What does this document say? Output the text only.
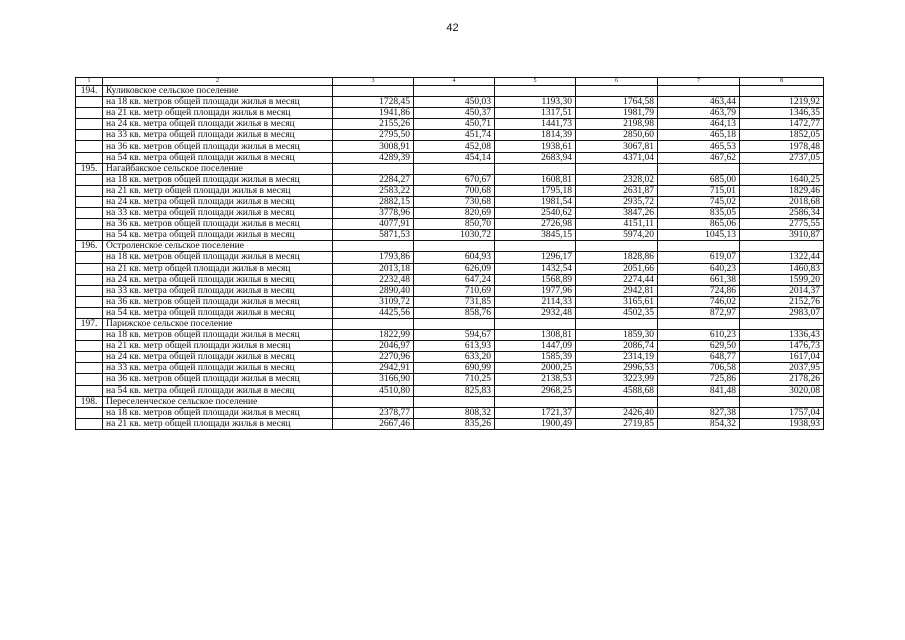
42
1	2	3	4	5	6	7	8
194.	Куликовское сельское поселение						
	на 18 кв. метров общей площади жилья в месяц	1728,45	450,03	1193,30	1764,58	463,44	1219,92
	на 21 кв. метр общей площади жилья в месяц	1941,86	450,37	1317,51	1981,79	463,79	1346,35
	на 24 кв. метра общей площади жилья в месяц	2155,26	450,71	1441,73	2198,98	464,13	1472,77
	на 33 кв. метра общей площади жилья в месяц	2795,50	451,74	1814,39	2850,60	465,18	1852,05
	на 36 кв. метров общей площади жилья в месяц	3008,91	452,08	1938,61	3067,81	465,53	1978,48
	на 54 кв. метра общей площади жилья в месяц	4289,39	454,14	2683,94	4371,04	467,62	2737,05
195.	Нагайбакское сельское поселение						
	на 18 кв. метров общей площади жилья в месяц	2284,27	670,67	1608,81	2328,02	685,00	1640,25
	на 21 кв. метр общей площади жилья в месяц	2583,22	700,68	1795,18	2631,87	715,01	1829,46
	на 24 кв. метра общей площади жилья в месяц	2882,15	730,68	1981,54	2935,72	745,02	2018,68
	на 33 кв. метра общей площади жилья в месяц	3778,96	820,69	2540,62	3847,26	835,05	2586,34
	на 36 кв. метров общей площади жилья в месяц	4077,91	850,70	2726,98	4151,11	865,06	2775,55
	на 54 кв. метра общей площади жилья в месяц	5871,53	1030,72	3845,15	5974,20	1045,13	3910,87
196.	Остроленское сельское поселение						
	на 18 кв. метров общей площади жилья в месяц	1793,86	604,93	1296,17	1828,86	619,07	1322,44
	на 21 кв. метр общей площади жилья в месяц	2013,18	626,09	1432,54	2051,66	640,23	1460,83
	на 24 кв. метра общей площади жилья в месяц	2232,48	647,24	1568,89	2274,44	661,38	1599,20
	на 33 кв. метра общей площади жилья в месяц	2890,40	710,69	1977,96	2942,81	724,86	2014,37
	на 36 кв. метров общей площади жилья в месяц	3109,72	731,85	2114,33	3165,61	746,02	2152,76
	на 54 кв. метра общей площади жилья в месяц	4425,56	858,76	2932,48	4502,35	872,97	2983,07
197.	Парижское сельское поселение						
	на 18 кв. метров общей площади жилья в месяц	1822,99	594,67	1308,81	1859,30	610,23	1336,43
	на 21 кв. метр общей площади жилья в месяц	2046,97	613,93	1447,09	2086,74	629,50	1476,73
	на 24 кв. метра общей площади жилья в месяц	2270,96	633,20	1585,39	2314,19	648,77	1617,04
	на 33 кв. метра общей площади жилья в месяц	2942,91	690,99	2000,25	2996,53	706,58	2037,95
	на 36 кв. метров общей площади жилья в месяц	3166,90	710,25	2138,53	3223,99	725,86	2178,26
	на 54 кв. метра общей площади жилья в месяц	4510,80	825,83	2968,25	4588,68	841,48	3020,08
198.	Переселенческое сельское поселение						
	на 18 кв. метров общей площади жилья в месяц	2378,77	808,32	1721,37	2426,40	827,38	1757,04
	на 21 кв. метр общей площади жилья в месяц	2667,46	835,26	1900,49	2719,85	854,32	1938,93
